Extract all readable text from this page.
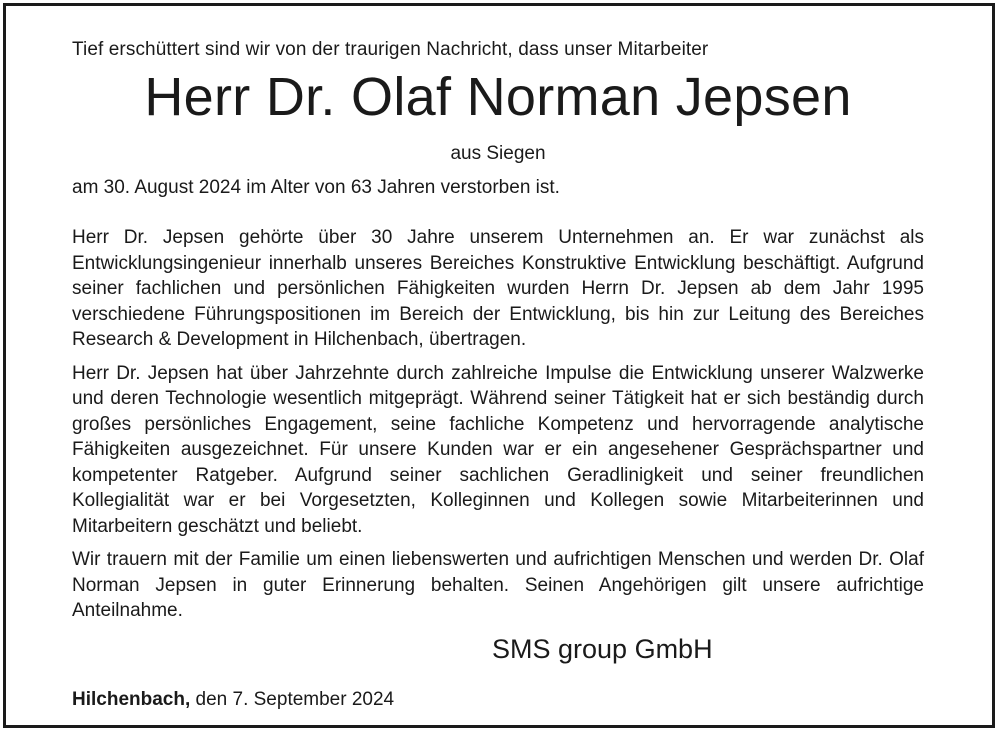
Tief erschüttert sind wir von der traurigen Nachricht, dass unser Mitarbeiter

Herr Dr. Olaf Norman Jepsen

aus Siegen

am 30. August 2024 im Alter von 63 Jahren verstorben ist.

Herr Dr. Jepsen gehörte über 30 Jahre unserem Unternehmen an. Er war zunächst als Entwicklungsingenieur innerhalb unseres Bereiches Konstruktive Entwicklung beschäftigt. Aufgrund seiner fachlichen und persönlichen Fähigkeiten wurden Herrn Dr. Jepsen ab dem Jahr 1995 verschiedene Führungspositionen im Bereich der Entwicklung, bis hin zur Leitung des Bereiches Research & Development in Hilchenbach, übertragen.

Herr Dr. Jepsen hat über Jahrzehnte durch zahlreiche Impulse die Entwicklung unserer Walzwerke und deren Technologie wesentlich mitgeprägt. Während seiner Tätigkeit hat er sich beständig durch großes persönliches Engagement, seine fachliche Kompetenz und hervorragende analytische Fähigkeiten ausgezeichnet. Für unsere Kunden war er ein angesehener Gesprächspartner und kompetenter Ratgeber. Aufgrund seiner sachlichen Geradlinigkeit und seiner freundlichen Kollegialität war er bei Vorgesetzten, Kolleginnen und Kollegen sowie Mitarbeiterinnen und Mitarbeitern geschätzt und beliebt.

Wir trauern mit der Familie um einen liebenswerten und aufrichtigen Menschen und werden Dr. Olaf Norman Jepsen in guter Erinnerung behalten. Seinen Angehörigen gilt unsere aufrichtige Anteilnahme.

SMS group GmbH

Hilchenbach, den 7. September 2024
